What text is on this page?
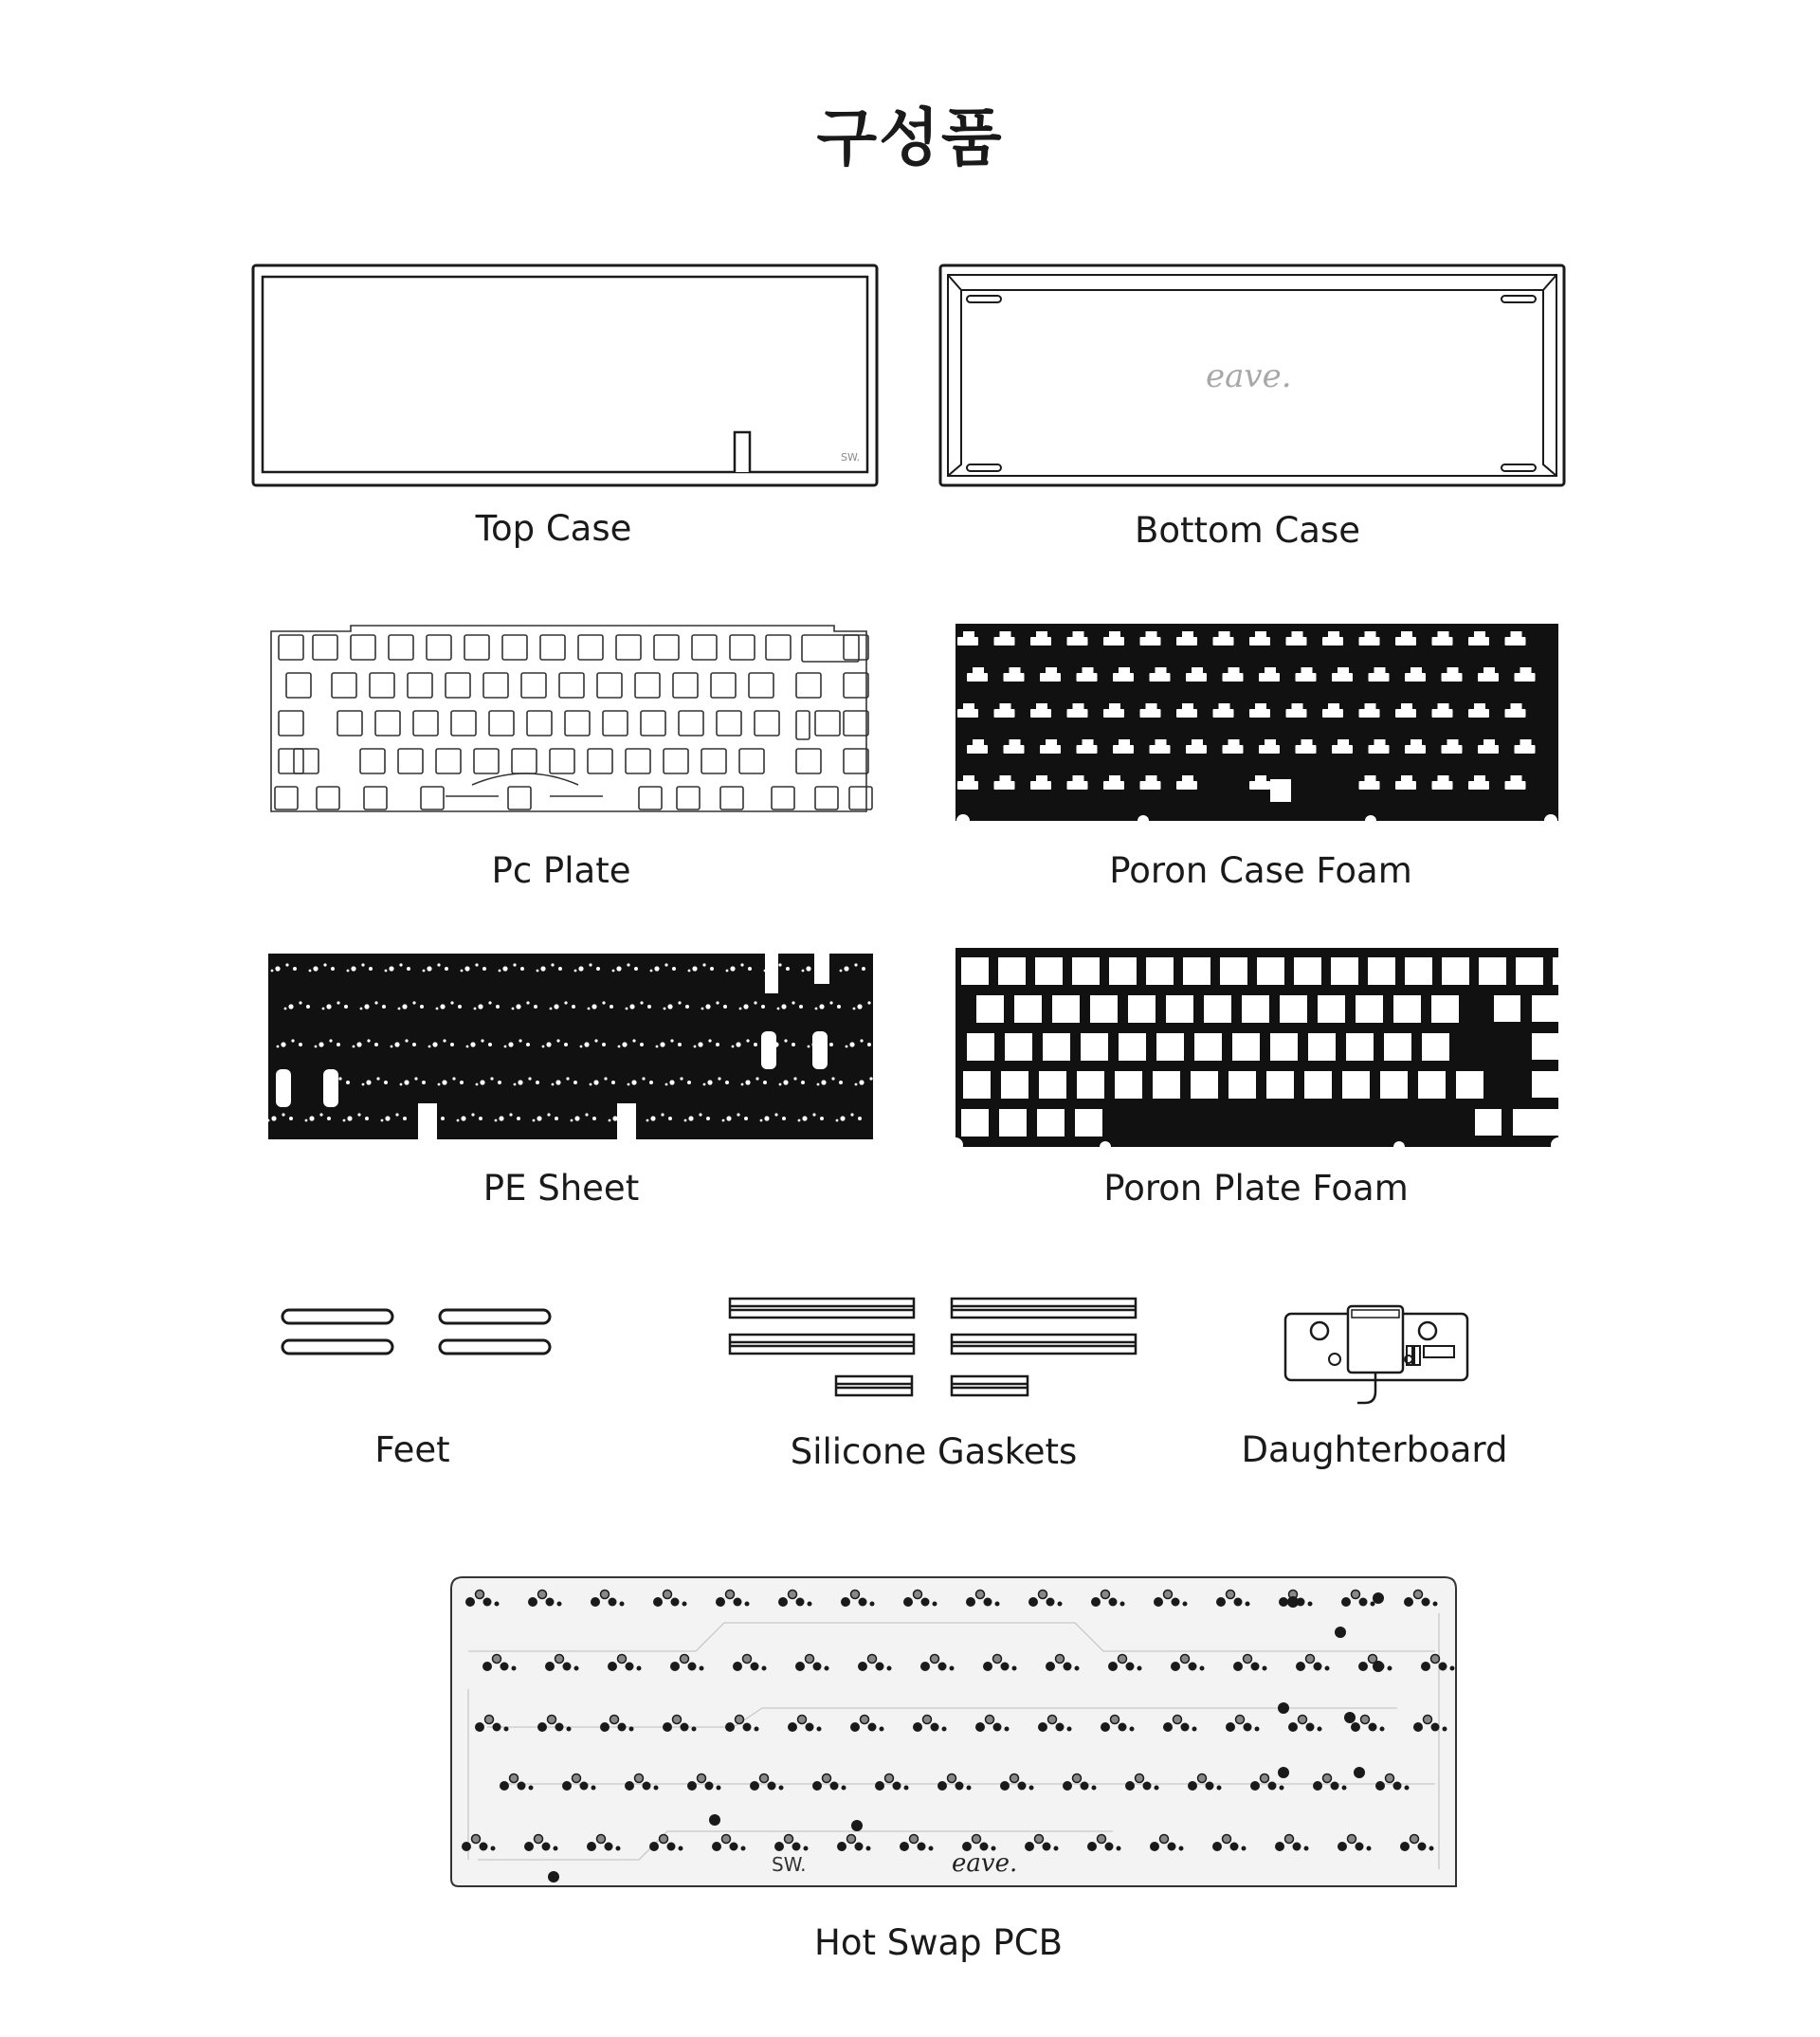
구성품
SW.
Top Case
eave.
Bottom Case
Pc Plate	Poron Case Foam
PE Sheet	Poron Plate Foam
Feet	Silicone Gaskets	Daughterboard
SW.	eave.
Hot Swap PCB
